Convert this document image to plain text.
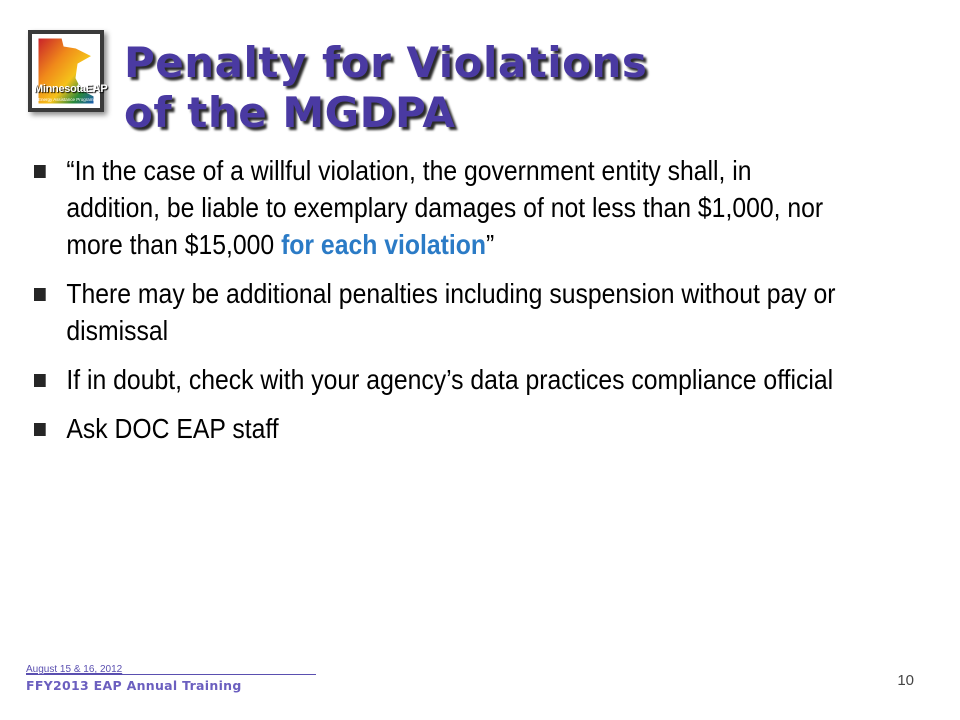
MinnesotaEAP
Energy Assistance Program
Penalty for Violations
of the MGDPA
“In the case of a willful violation, the government entity shall, in addition, be liable to exemplary damages of not less than $1,000, nor more than $15,000 for each violation”
There may be additional penalties including suspension without pay or dismissal
If in doubt, check with your agency’s data practices compliance official
Ask DOC EAP staff
August 15 & 16, 2012
FFY2013 EAP Annual Training	10
